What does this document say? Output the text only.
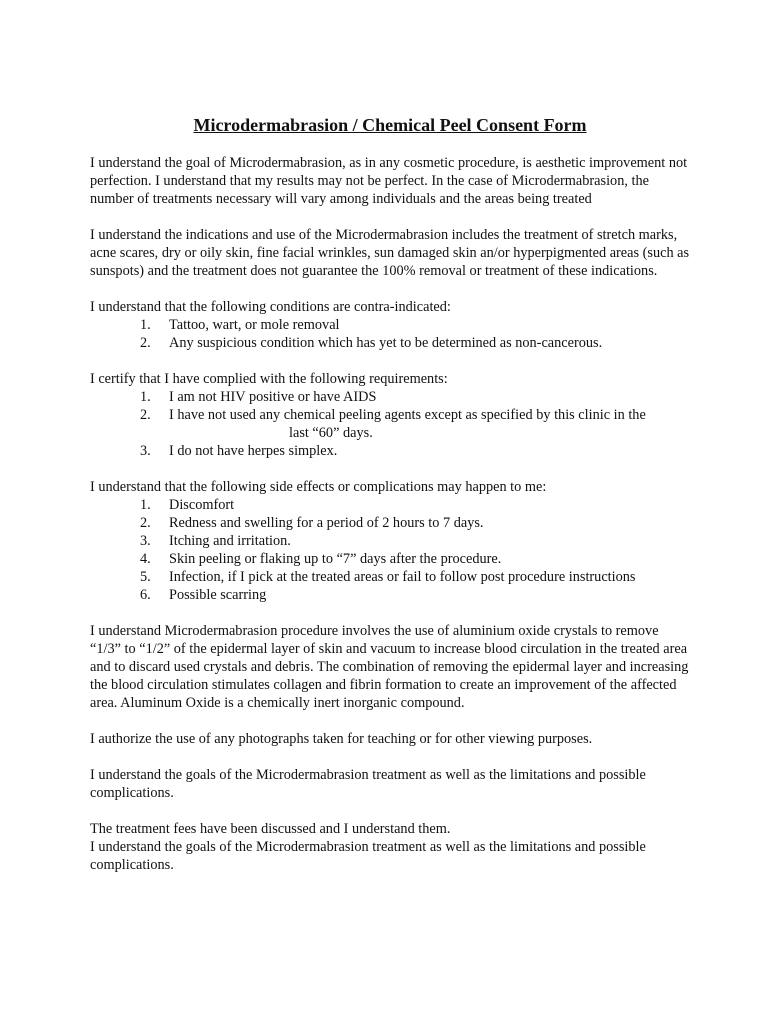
Microdermabrasion / Chemical Peel Consent Form

I understand the goal of Microdermabrasion, as in any cosmetic procedure, is aesthetic improvement not perfection. I understand that my results may not be perfect. In the case of Microdermabrasion, the number of treatments necessary will vary among individuals and the areas being treated

I understand the indications and use of the Microdermabrasion includes the treatment of stretch marks, acne scares, dry or oily skin, fine facial wrinkles, sun damaged skin an/or hyperpigmented areas (such as sunspots) and the treatment does not guarantee the 100% removal or treatment of these indications.

I understand that the following conditions are contra-indicated:

1.	Tattoo, wart, or mole removal
2.	Any suspicious condition which has yet to be determined as non-cancerous.

I certify that I have complied with the following requirements:

1.	I am not HIV positive or have AIDS
2.	I have not used any chemical peeling agents except as specified by this clinic in the
last “60” days.
3.	I do not have herpes simplex.

I understand that the following side effects or complications may happen to me:

1.	Discomfort
2.	Redness and swelling for a period of 2 hours to 7 days.
3.	Itching and irritation.
4.	Skin peeling or flaking up to “7” days after the procedure.
5.	Infection, if I pick at the treated areas or fail to follow post procedure instructions
6.	Possible scarring

I understand Microdermabrasion procedure involves the use of aluminium oxide crystals to remove “1/3” to “1/2” of the epidermal layer of skin and vacuum to increase blood circulation in the treated area and to discard used crystals and debris. The combination of removing the epidermal layer and increasing the blood circulation stimulates collagen and fibrin formation to create an improvement of the affected area. Aluminum Oxide is a chemically inert inorganic compound.

I authorize the use of any photographs taken for teaching or for other viewing purposes.

I understand the goals of the Microdermabrasion treatment as well as the limitations and possible complications.

The treatment fees have been discussed and I understand them.

I understand the goals of the Microdermabrasion treatment as well as the limitations and possible complications.
